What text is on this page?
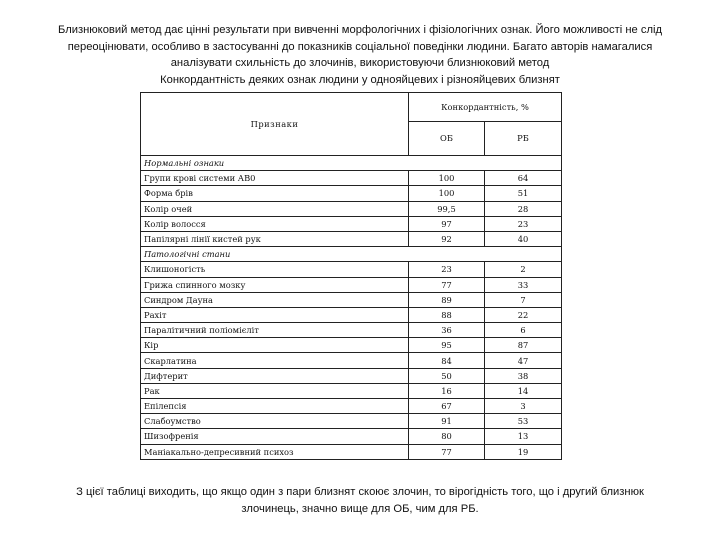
Близнюковий метод дає цінні результати при вивченні морфологічних і фізіологічних ознак. Його можливості не слід

переоцінювати, особливо в застосуванні до показників соціальної поведінки людини. Багато авторів намагалися

аналізувати схильність до злочинів, використовуючи близнюковий метод

Конкордантність деяких ознак людини у однояйцевих і різнояйцевих близнят

Признаки	Конкордантність, %	
	ОБ	РБ
Нормальні ознаки		
Групи крові системи АВ0	100	64
Форма брів	100	51
Колір очей	99,5	28
Колір волосся	97	23
Папілярні лінії кистей рук	92	40
Патологічні стани		
Клишоногість	23	2
Грижа спинного мозку	77	33
Синдром Дауна	89	7
Рахіт	88	22
Паралітичний поліомієліт	36	6
Кір	95	87
Скарлатина	84	47
Дифтерит	50	38
Рак	16	14
Епілепсія	67	3
Слабоумство	91	53
Шизофренія	80	13
Маніакально-депресивний психоз	77	19

З цієї таблиці виходить, що якщо один з пари близнят скоює злочин, то вірогідність того, що і другий близнюк

злочинець, значно вище для ОБ, чим для РБ.
